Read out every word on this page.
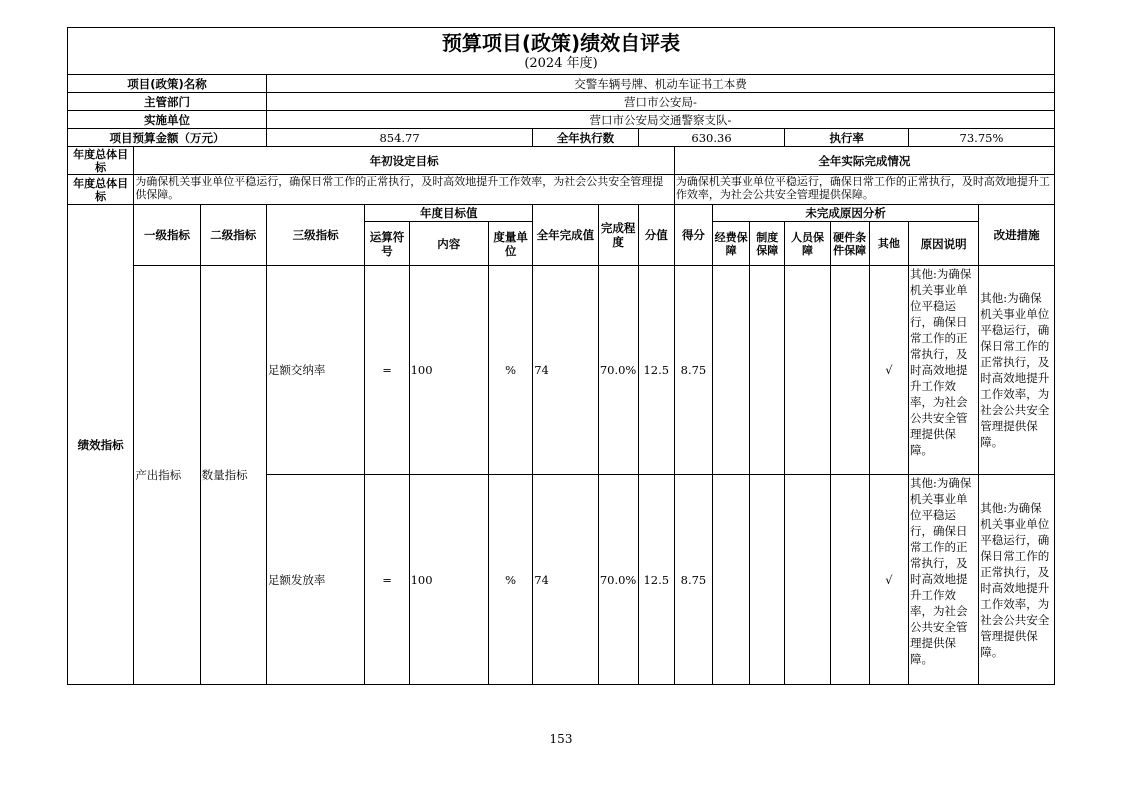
预算项目(政策)绩效自评表
(2024 年度)																	

项目(政策)名称			交警车辆号牌、机动车证书工本费														
主管部门			营口市公安局-														
实施单位			营口市公安局交通警察支队-														
项目预算金额（万元）			854.77				全年执行数		630.36				执行率			73.75%	
年度总体目标	年初设定目标									全年实际完成情况							
年度总体目标	为确保机关事业单位平稳运行，确保日常工作的正常执行，及时高效地提升工作效率，为社会公共安全管理提供保障。									为确保机关事业单位平稳运行，确保日常工作的正常执行，及时高效地提升工作效率，为社会公共安全管理提供保障。							
绩效指标	一级指标	二级指标	三级指标	年度目标值			全年完成值	完成程度	分值	得分	未完成原因分析						改进措施
				运算符号	内容	度量单位					经费保障	制度保障	人员保障	硬件条件保障	其他	原因说明	
	产出指标	数量指标	足额交纳率	=	100	%	74	70.0%	12.5	8.75					√	其他:为确保机关事业单位平稳运行，确保日常工作的正常执行，及时高效地提升工作效率，为社会公共安全管理提供保障。	其他:为确保机关事业单位平稳运行，确保日常工作的正常执行，及时高效地提升工作效率，为社会公共安全管理提供保障。
			足额发放率	=	100	%	74	70.0%	12.5	8.75					√	其他:为确保机关事业单位平稳运行，确保日常工作的正常执行，及时高效地提升工作效率，为社会公共安全管理提供保障。	其他:为确保机关事业单位平稳运行，确保日常工作的正常执行，及时高效地提升工作效率，为社会公共安全管理提供保障。
153
